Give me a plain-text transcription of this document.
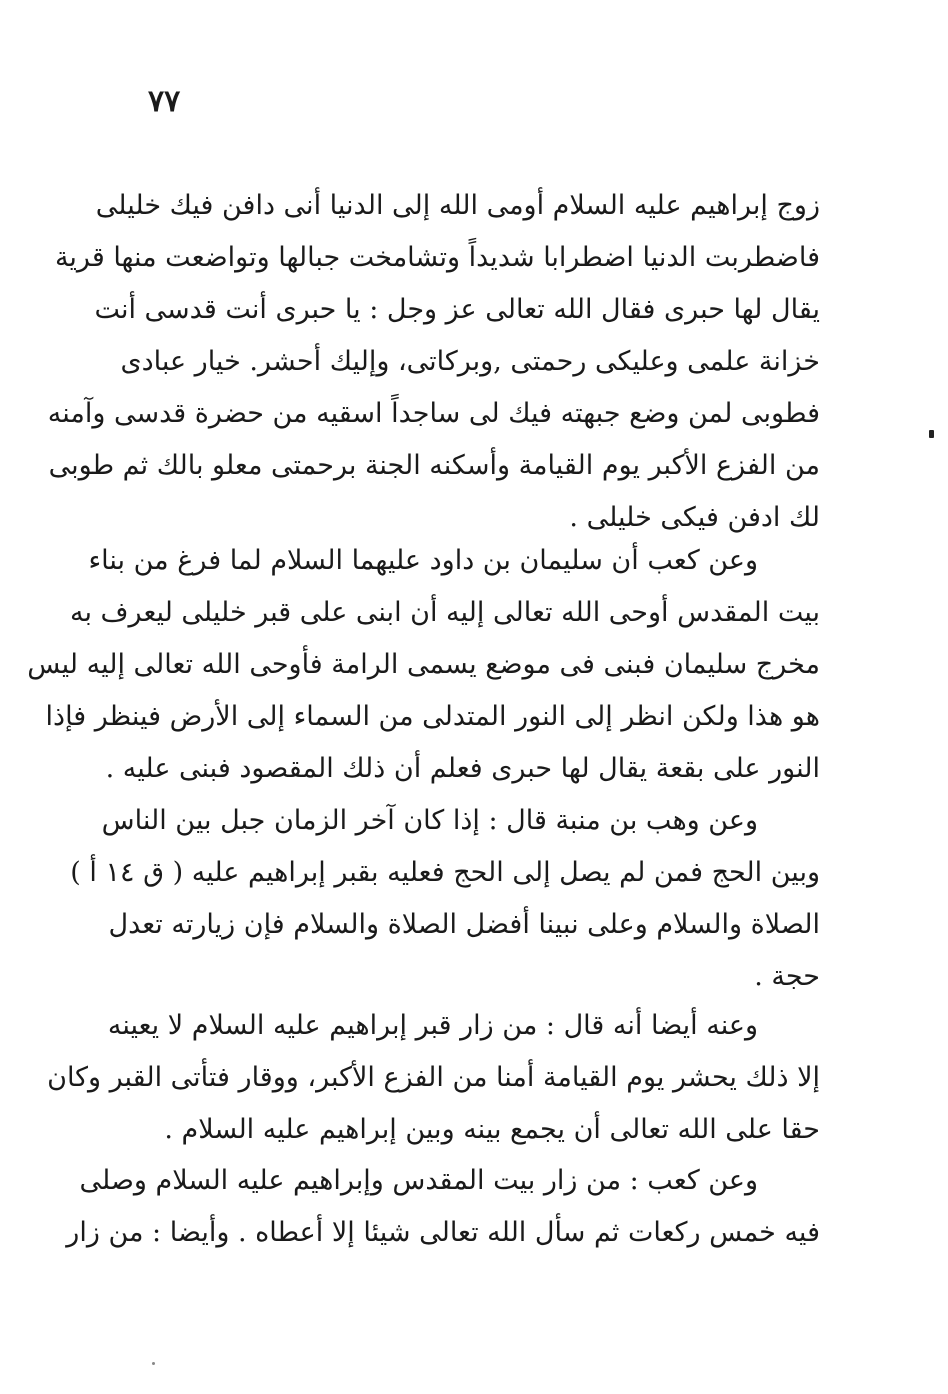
٧٧
زوج إبراهيم عليه السلام أومى الله إلى الدنيا أنى دافن فيك خليلى
فاضطربت الدنيا اضطرابا شديداً وتشامخت جبالها وتواضعت منها قرية
يقال لها حبرى فقال الله تعالى عز وجل : يا حبرى أنت قدسى أنت
خزانة علمى وعليكى رحمتى ,وبركاتى، وإليك أحشر. خيار عبادى
فطوبى لمن وضع جبهته فيك لى ساجداً اسقيه من حضرة قدسى وآمنه
من الفزع الأكبر يوم القيامة وأسكنه الجنة برحمتى معلو بالك ثم طوبى
لك ادفن فيكى خليلى .
وعن كعب أن سليمان بن داود عليهما السلام لما فرغ من بناء
بيت المقدس أوحى الله تعالى إليه أن ابنى على قبر خليلى ليعرف به
مخرج سليمان فبنى فى موضع يسمى الرامة فأوحى الله تعالى إليه ليس
هو هذا ولكن انظر إلى النور المتدلى من السماء إلى الأرض فينظر فإذا
النور على بقعة يقال لها حبرى فعلم أن ذلك المقصود فبنى عليه .
وعن وهب بن منبة قال : إذا كان آخر الزمان جبل بين الناس
وبين الحج فمن لم يصل إلى الحج فعليه بقبر إبراهيم عليه ( ق ١٤ أ )
الصلاة والسلام وعلى نبينا أفضل الصلاة والسلام فإن زيارته تعدل
حجة .
وعنه أيضا أنه قال : من زار قبر إبراهيم عليه السلام لا يعينه
إلا ذلك يحشر يوم القيامة أمنا من الفزع الأكبر، ووقار فتأتى القبر وكان
حقا على الله تعالى أن يجمع بينه وبين إبراهيم عليه السلام .
وعن كعب : من زار بيت المقدس وإبراهيم عليه السلام وصلى
فيه خمس ركعات ثم سأل الله تعالى شيئا إلا أعطاه . وأيضا : من زار
